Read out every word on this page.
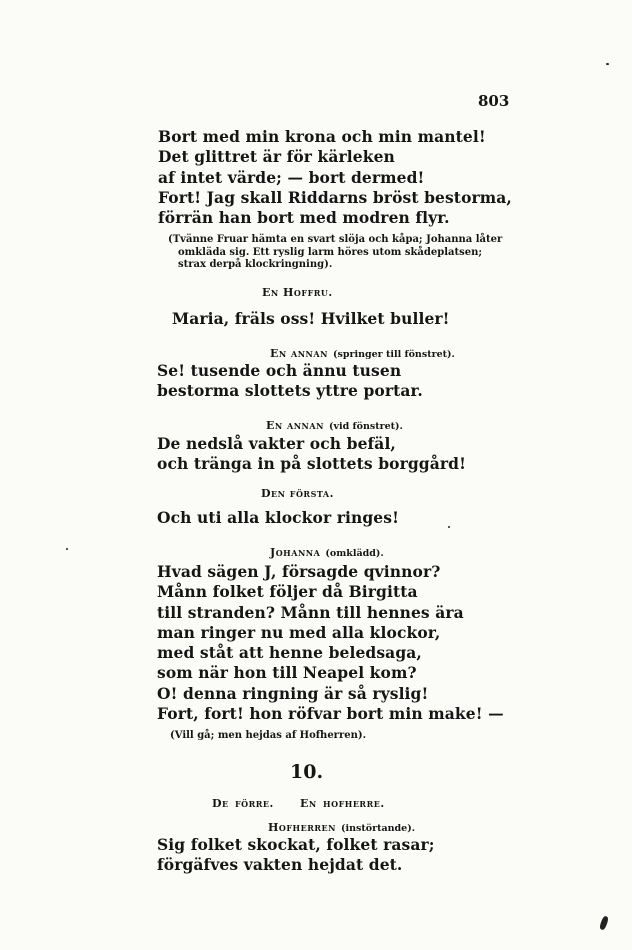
803
Bort med min krona och min mantel!
Det glittret är för kärleken
af intet värde; — bort dermed!
Fort! Jag skall Riddarns bröst bestorma,
förrän han bort med modren flyr.
(Tvänne Fruar hämta en svart slöja och kåpa; Johanna låter
omkläda sig. Ett ryslig larm höres utom skådeplatsen;
strax derpå klockringning).
En Hoffru.
Maria, fräls oss! Hvilket buller!
En annan (springer till fönstret).
Se! tusende och ännu tusen
bestorma slottets yttre portar.
En annan (vid fönstret).
De nedslå vakter och befäl,
och tränga in på slottets borggård!
Den första.
Och uti alla klockor ringes!
Johanna (omklädd).
Hvad sägen J, försagde qvinnor?
Månn folket följer då Birgitta
till stranden? Månn till hennes ära
man ringer nu med alla klockor,
med ståt att henne beledsaga,
som när hon till Neapel kom?
O! denna ringning är så ryslig!
Fort, fort! hon röfvar bort min make! —
(Vill gå; men hejdas af Hofherren).
10.
De förre. En hofherre.
Hofherren (instörtande).
Sig folket skockat, folket rasar;
förgäfves vakten hejdat det.
